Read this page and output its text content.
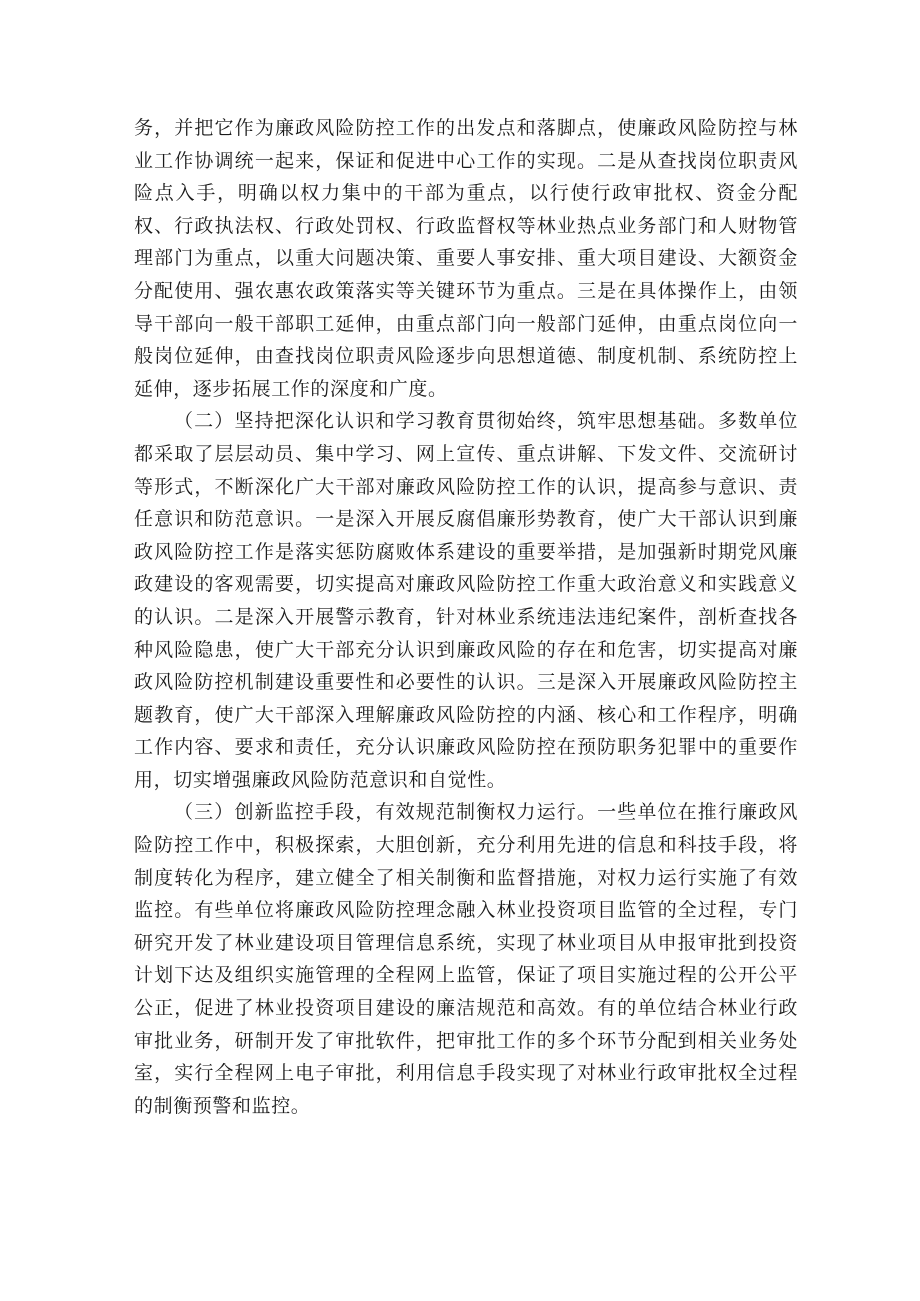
务，并把它作为廉政风险防控工作的出发点和落脚点，使廉政风险防控与林业工作协调统一起来，保证和促进中心工作的实现。二是从查找岗位职责风险点入手，明确以权力集中的干部为重点，以行使行政审批权、资金分配权、行政执法权、行政处罚权、行政监督权等林业热点业务部门和人财物管理部门为重点，以重大问题决策、重要人事安排、重大项目建设、大额资金分配使用、强农惠农政策落实等关键环节为重点。三是在具体操作上，由领导干部向一般干部职工延伸，由重点部门向一般部门延伸，由重点岗位向一般岗位延伸，由查找岗位职责风险逐步向思想道德、制度机制、系统防控上延伸，逐步拓展工作的深度和广度。

（二）坚持把深化认识和学习教育贯彻始终，筑牢思想基础。多数单位都采取了层层动员、集中学习、网上宣传、重点讲解、下发文件、交流研讨等形式，不断深化广大干部对廉政风险防控工作的认识，提高参与意识、责任意识和防范意识。一是深入开展反腐倡廉形势教育，使广大干部认识到廉政风险防控工作是落实惩防腐败体系建设的重要举措，是加强新时期党风廉政建设的客观需要，切实提高对廉政风险防控工作重大政治意义和实践意义的认识。二是深入开展警示教育，针对林业系统违法违纪案件，剖析查找各种风险隐患，使广大干部充分认识到廉政风险的存在和危害，切实提高对廉政风险防控机制建设重要性和必要性的认识。三是深入开展廉政风险防控主题教育，使广大干部深入理解廉政风险防控的内涵、核心和工作程序，明确工作内容、要求和责任，充分认识廉政风险防控在预防职务犯罪中的重要作用，切实增强廉政风险防范意识和自觉性。

（三）创新监控手段，有效规范制衡权力运行。一些单位在推行廉政风险防控工作中，积极探索，大胆创新，充分利用先进的信息和科技手段，将制度转化为程序，建立健全了相关制衡和监督措施，对权力运行实施了有效监控。有些单位将廉政风险防控理念融入林业投资项目监管的全过程，专门研究开发了林业建设项目管理信息系统，实现了林业项目从申报审批到投资计划下达及组织实施管理的全程网上监管，保证了项目实施过程的公开公平公正，促进了林业投资项目建设的廉洁规范和高效。有的单位结合林业行政审批业务，研制开发了审批软件，把审批工作的多个环节分配到相关业务处室，实行全程网上电子审批，利用信息手段实现了对林业行政审批权全过程的制衡预警和监控。
